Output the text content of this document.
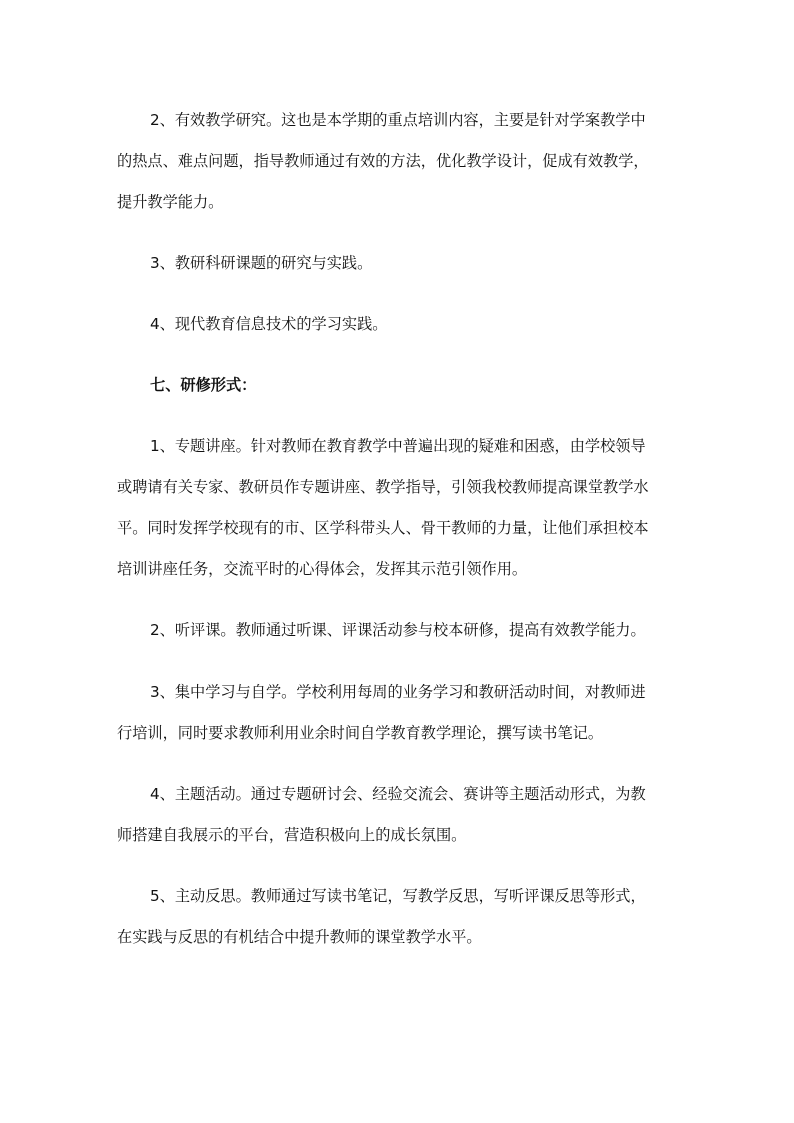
2、有效教学研究。这也是本学期的重点培训内容，主要是针对学案教学中
的热点、难点问题，指导教师通过有效的方法，优化教学设计，促成有效教学，
提升教学能力。
3、教研科研课题的研究与实践。
4、现代教育信息技术的学习实践。
七、研修形式：
1、专题讲座。针对教师在教育教学中普遍出现的疑难和困惑，由学校领导
或聘请有关专家、教研员作专题讲座、教学指导，引领我校教师提高课堂教学水
平。同时发挥学校现有的市、区学科带头人、骨干教师的力量，让他们承担校本
培训讲座任务，交流平时的心得体会，发挥其示范引领作用。
2、听评课。教师通过听课、评课活动参与校本研修，提高有效教学能力。
3、集中学习与自学。学校利用每周的业务学习和教研活动时间，对教师进
行培训，同时要求教师利用业余时间自学教育教学理论，撰写读书笔记。
4、主题活动。通过专题研讨会、经验交流会、赛讲等主题活动形式，为教
师搭建自我展示的平台，营造积极向上的成长氛围。
5、主动反思。教师通过写读书笔记，写教学反思，写听评课反思等形式，
在实践与反思的有机结合中提升教师的课堂教学水平。
